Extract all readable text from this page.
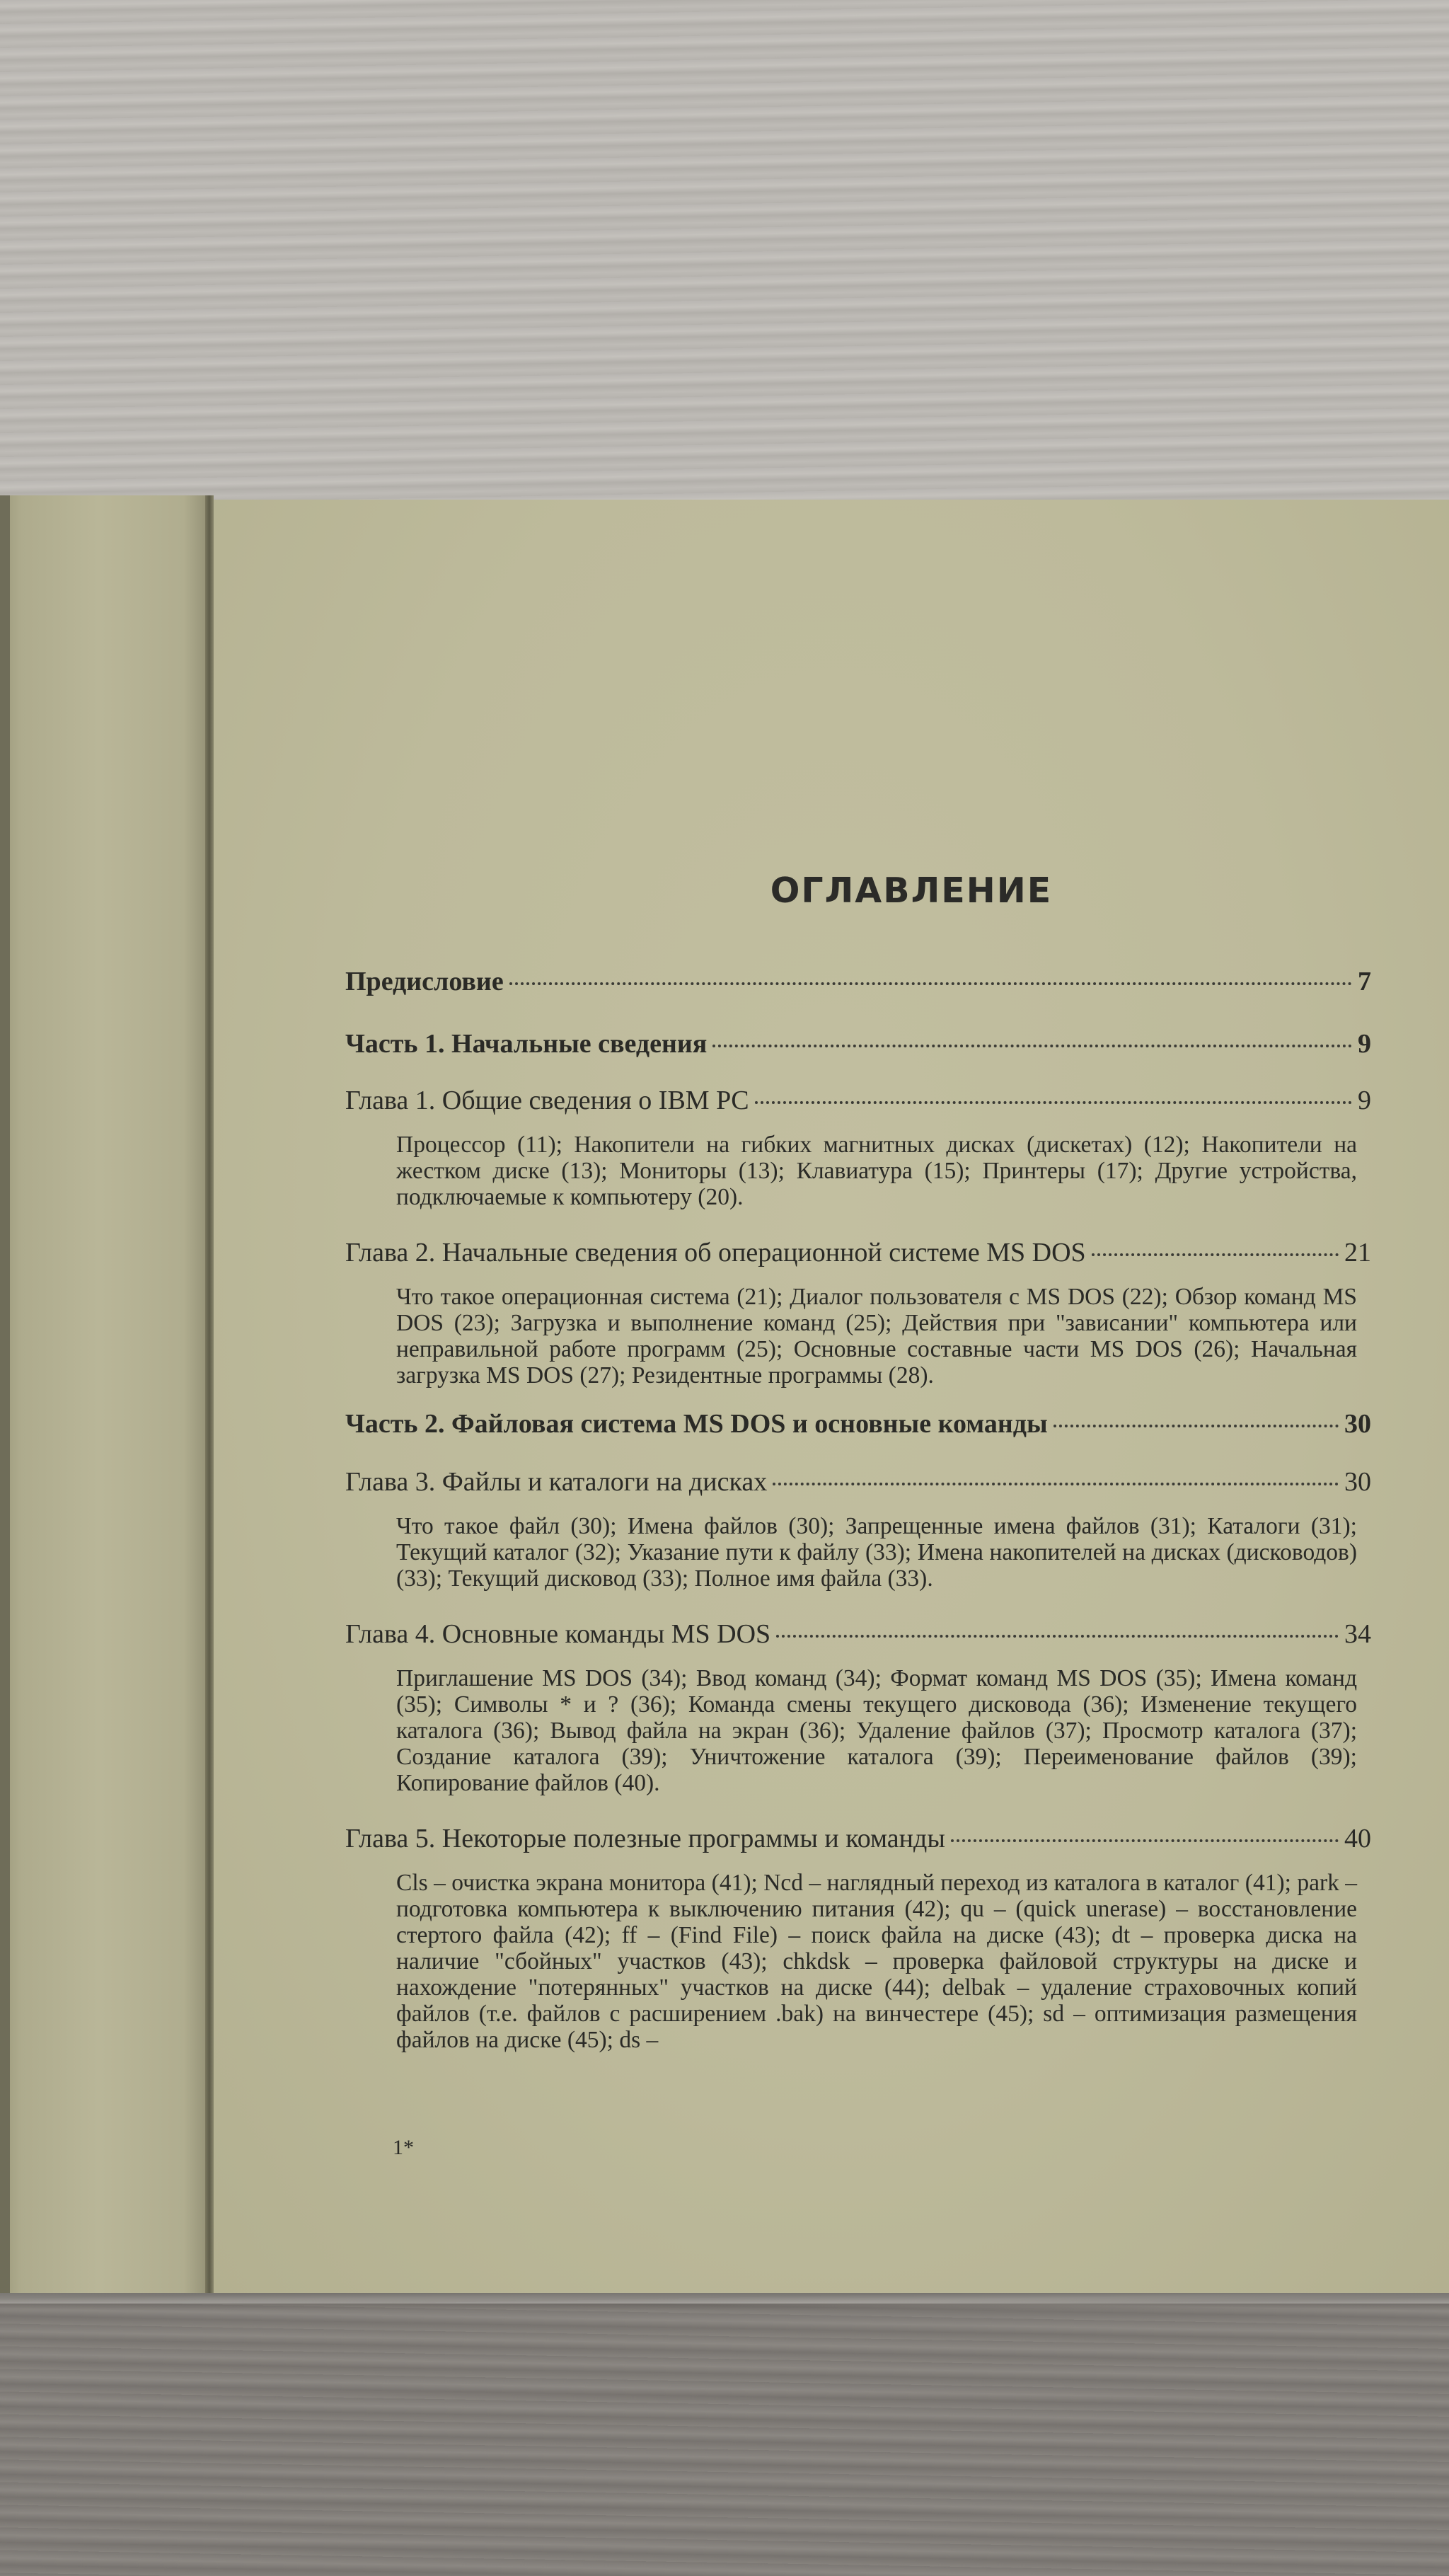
ОГЛАВЛЕНИЕ
Предисловие	7
Часть 1. Начальные сведения	9
Глава 1. Общие сведения о IBM PC	9
Процессор (11); Накопители на гибких магнитных дисках (дискетах) (12); Накопители на жестком диске (13); Мониторы (13); Клавиатура (15); Принтеры (17); Другие устройства, подключаемые к компьютеру (20).
Глава 2. Начальные сведения об операционной системе MS DOS	21
Что такое операционная система (21); Диалог пользователя с MS DOS (22); Обзор команд MS DOS (23); Загрузка и выполнение команд (25); Действия при "зависании" компьютера или неправильной работе программ (25); Основные составные части MS DOS (26); Начальная загрузка MS DOS (27); Резидентные программы (28).
Часть 2. Файловая система MS DOS и основные команды	30
Глава 3. Файлы и каталоги на дисках	30
Что такое файл (30); Имена файлов (30); Запрещенные имена файлов (31); Каталоги (31); Текущий каталог (32); Указание пути к файлу (33); Имена накопителей на дисках (дисководов) (33); Текущий дисковод (33); Полное имя файла (33).
Глава 4. Основные команды MS DOS	34
Приглашение MS DOS (34); Ввод команд (34); Формат команд MS DOS (35); Имена команд (35); Символы * и ? (36); Команда смены текущего дисковода (36); Изменение текущего каталога (36); Вывод файла на экран (36); Удаление файлов (37); Просмотр каталога (37); Создание каталога (39); Уничтожение каталога (39); Переименование файлов (39); Копирование файлов (40).
Глава 5. Некоторые полезные программы и команды	40
Cls – очистка экрана монитора (41); Ncd – наглядный переход из каталога в каталог (41); park – подготовка компьютера к выключению питания (42); qu – (quick unerase) – восстановление стертого файла (42); ff – (Find File) – поиск файла на диске (43); dt – проверка диска на наличие "сбойных" участков (43); chkdsk – проверка файловой структуры на диске и нахождение "потерянных" участков на диске (44); delbak – удаление страховочных копий файлов (т.е. файлов с расширением .bak) на винчестере (45); sd – оптимизация размещения файлов на диске (45); ds –
1*
